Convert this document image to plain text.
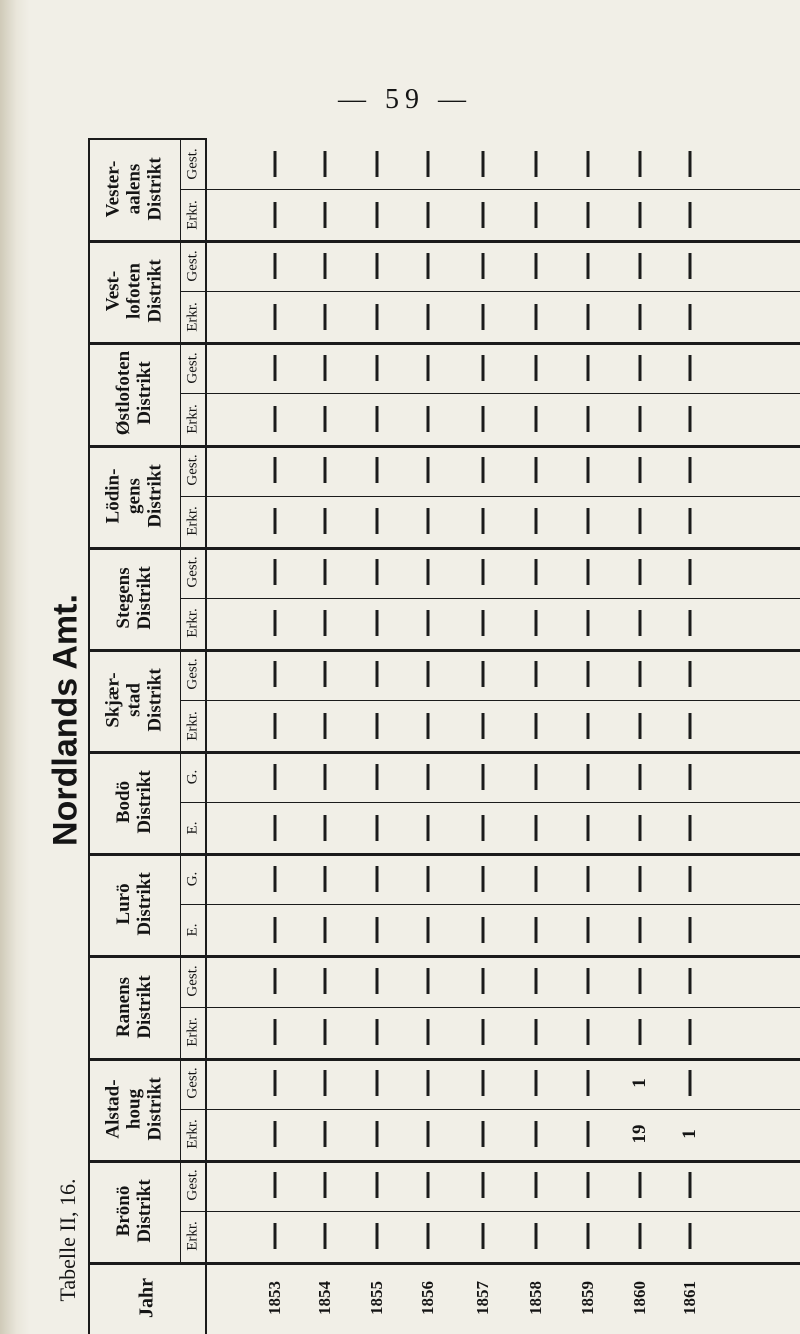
— 59 —
Tabelle II, 16.
Nordlands Amt.
Vester-
aalens
Distrikt Gest.
Erkr.
Vest-
lofoten
Distrikt Gest.
Erkr.
Østlofoten
Distrikt Gest.
Erkr.
Lödin-
gens
Distrikt Gest.
Erkr.
Stegens
Distrikt Gest.
Erkr.
Skjær-
stad
Distrikt Gest.
Erkr.
Bodö
Distrikt G.
E.
Lurö
Distrikt G.
E.
Ranens
Distrikt Gest.
Erkr.
Alstad-
houg
Distrikt Gest.
Erkr.
1
19 1
Brönö
Distrikt Gest.
Erkr.
Jahr	1853 1854 1855 1856 1857 1858 1859 1860 1861
